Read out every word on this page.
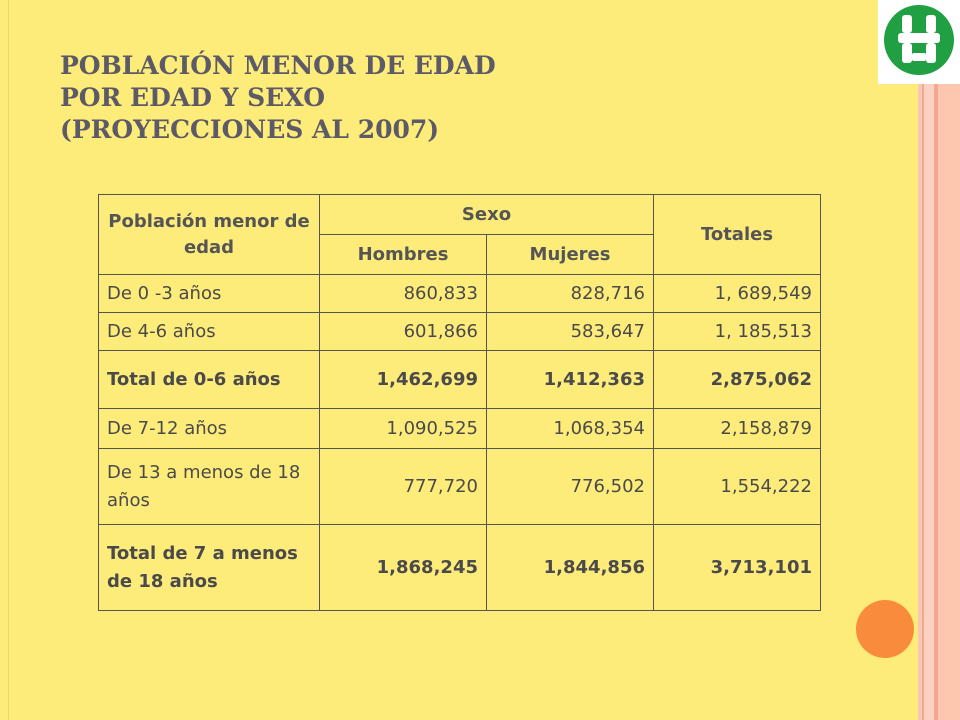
POBLACIÓN MENOR DE EDAD
POR EDAD Y SEXO
(PROYECCIONES AL 2007)
Población menor de edad	Sexo		Totales
	Hombres	Mujeres	
De 0 -3 años	860,833	828,716	1, 689,549
De 4-6 años	601,866	583,647	1, 185,513
Total de 0-6 años	1,462,699	1,412,363	2,875,062
De 7-12 años	1,090,525	1,068,354	2,158,879
De 13 a menos de 18 años	777,720	776,502	1,554,222
Total de 7 a menos de 18 años	1,868,245	1,844,856	3,713,101
